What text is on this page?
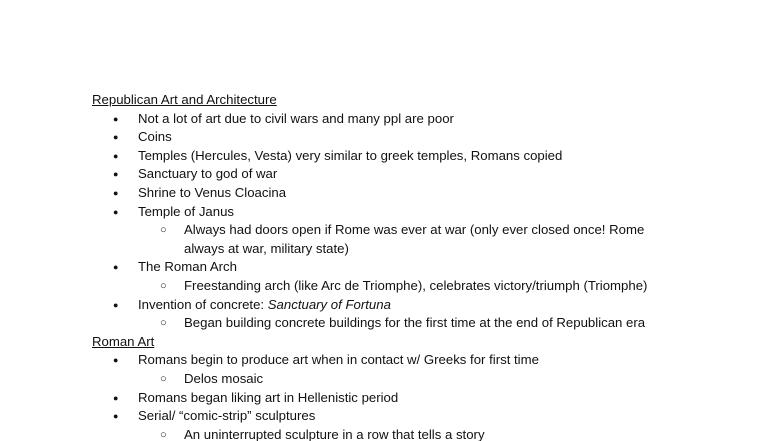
Republican Art and Architecture
● Not a lot of art due to civil wars and many ppl are poor
● Coins
● Temples (Hercules, Vesta) very similar to greek temples, Romans copied
● Sanctuary to god of war
● Shrine to Venus Cloacina
● Temple of Janus
○ Always had doors open if Rome was ever at war (only ever closed once! Rome always at war, military state)
● The Roman Arch
○ Freestanding arch (like Arc de Triomphe), celebrates victory/triumph (Triomphe)
● Invention of concrete: Sanctuary of Fortuna
○ Began building concrete buildings for the first time at the end of Republican era
Roman Art
● Romans begin to produce art when in contact w/ Greeks for first time
○ Delos mosaic
● Romans began liking art in Hellenistic period
● Serial/ “comic-strip” sculptures
○ An uninterrupted sculpture in a row that tells a story
